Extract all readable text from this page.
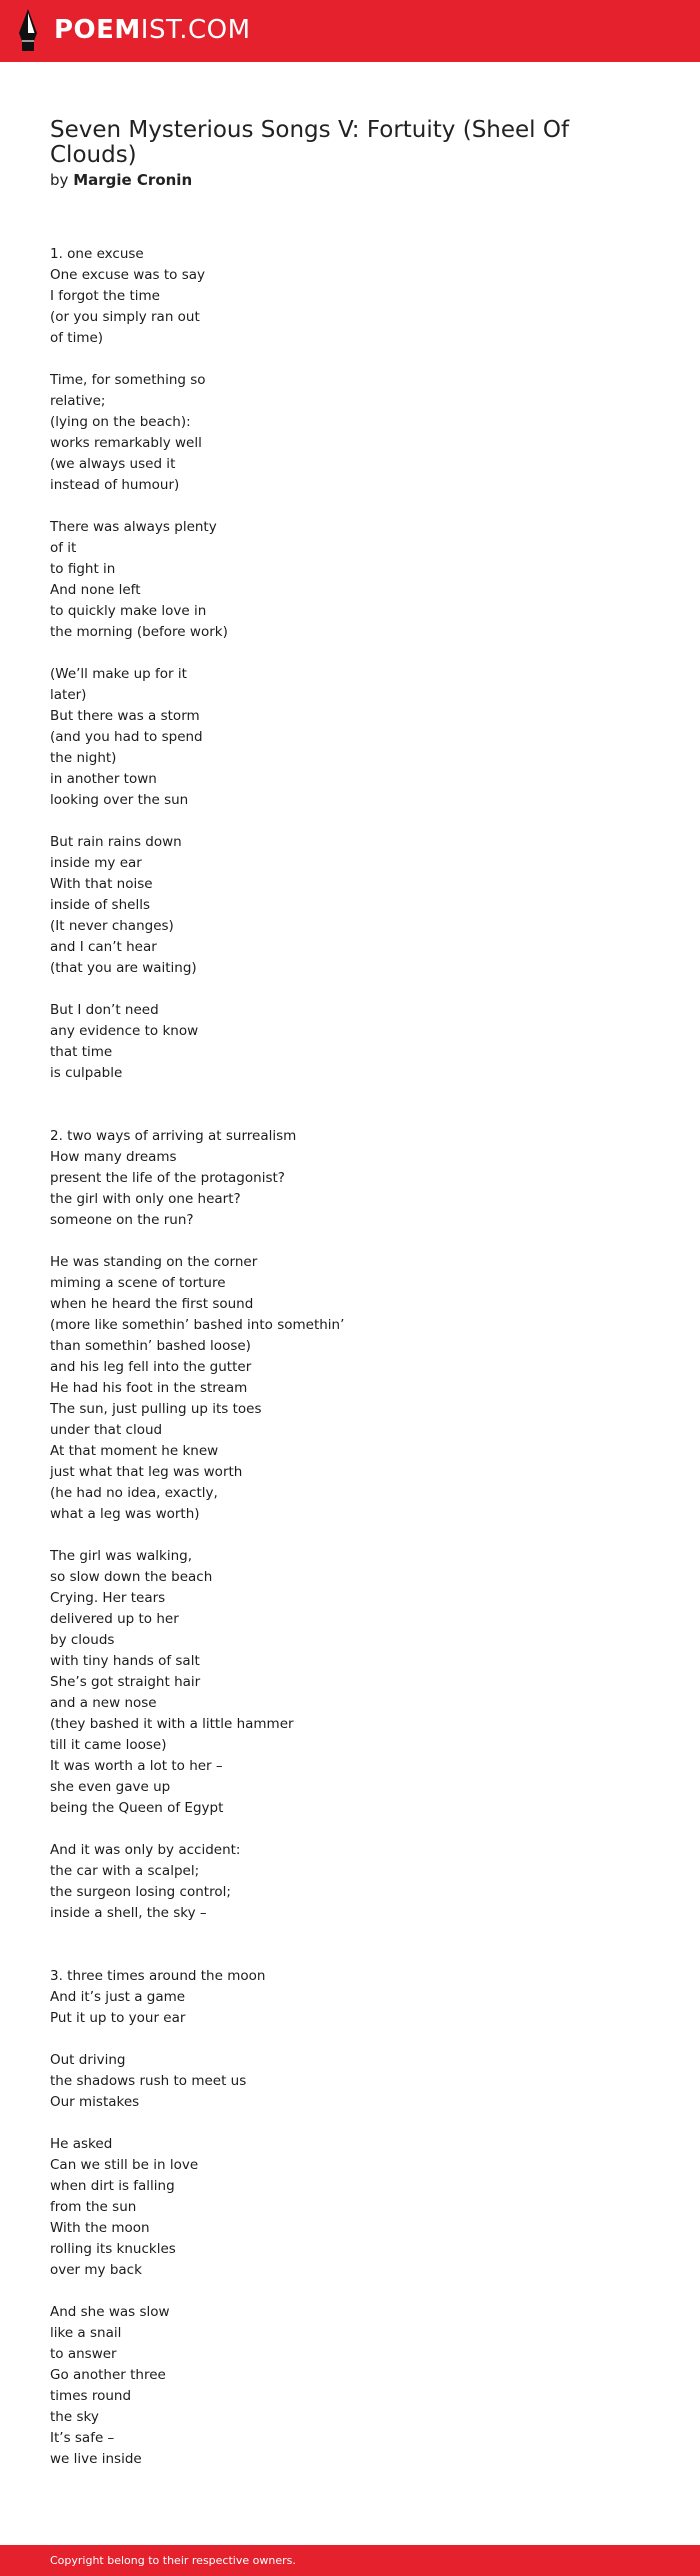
POEMIST.COM
Seven Mysterious Songs V: Fortuity (Sheel Of Clouds)
by Margie Cronin
1. one excuse
One excuse was to say
I forgot the time
(or you simply ran out
of time)
Time, for something so
relative;
(lying on the beach):
works remarkably well
(we always used it
instead of humour)
There was always plenty
of it
to fight in
And none left
to quickly make love in
the morning (before work)
(We’ll make up for it
later)
But there was a storm
(and you had to spend
the night)
in another town
looking over the sun
But rain rains down
inside my ear
With that noise
inside of shells
(It never changes)
and I can’t hear
(that you are waiting)
But I don’t need
any evidence to know
that time
is culpable
2. two ways of arriving at surrealism
How many dreams
present the life of the protagonist?
the girl with only one heart?
someone on the run?
He was standing on the corner
miming a scene of torture
when he heard the first sound
(more like somethin’ bashed into somethin’
than somethin’ bashed loose)
and his leg fell into the gutter
He had his foot in the stream
The sun, just pulling up its toes
under that cloud
At that moment he knew
just what that leg was worth
(he had no idea, exactly,
what a leg was worth)
The girl was walking,
so slow down the beach
Crying. Her tears
delivered up to her
by clouds
with tiny hands of salt
She’s got straight hair
and a new nose
(they bashed it with a little hammer
till it came loose)
It was worth a lot to her –
she even gave up
being the Queen of Egypt
And it was only by accident:
the car with a scalpel;
the surgeon losing control;
inside a shell, the sky –
3. three times around the moon
And it’s just a game
Put it up to your ear
Out driving
the shadows rush to meet us
Our mistakes
He asked
Can we still be in love
when dirt is falling
from the sun
With the moon
rolling its knuckles
over my back
And she was slow
like a snail
to answer
Go another three
times round
the sky
It’s safe –
we live inside
Copyright belong to their respective owners.
